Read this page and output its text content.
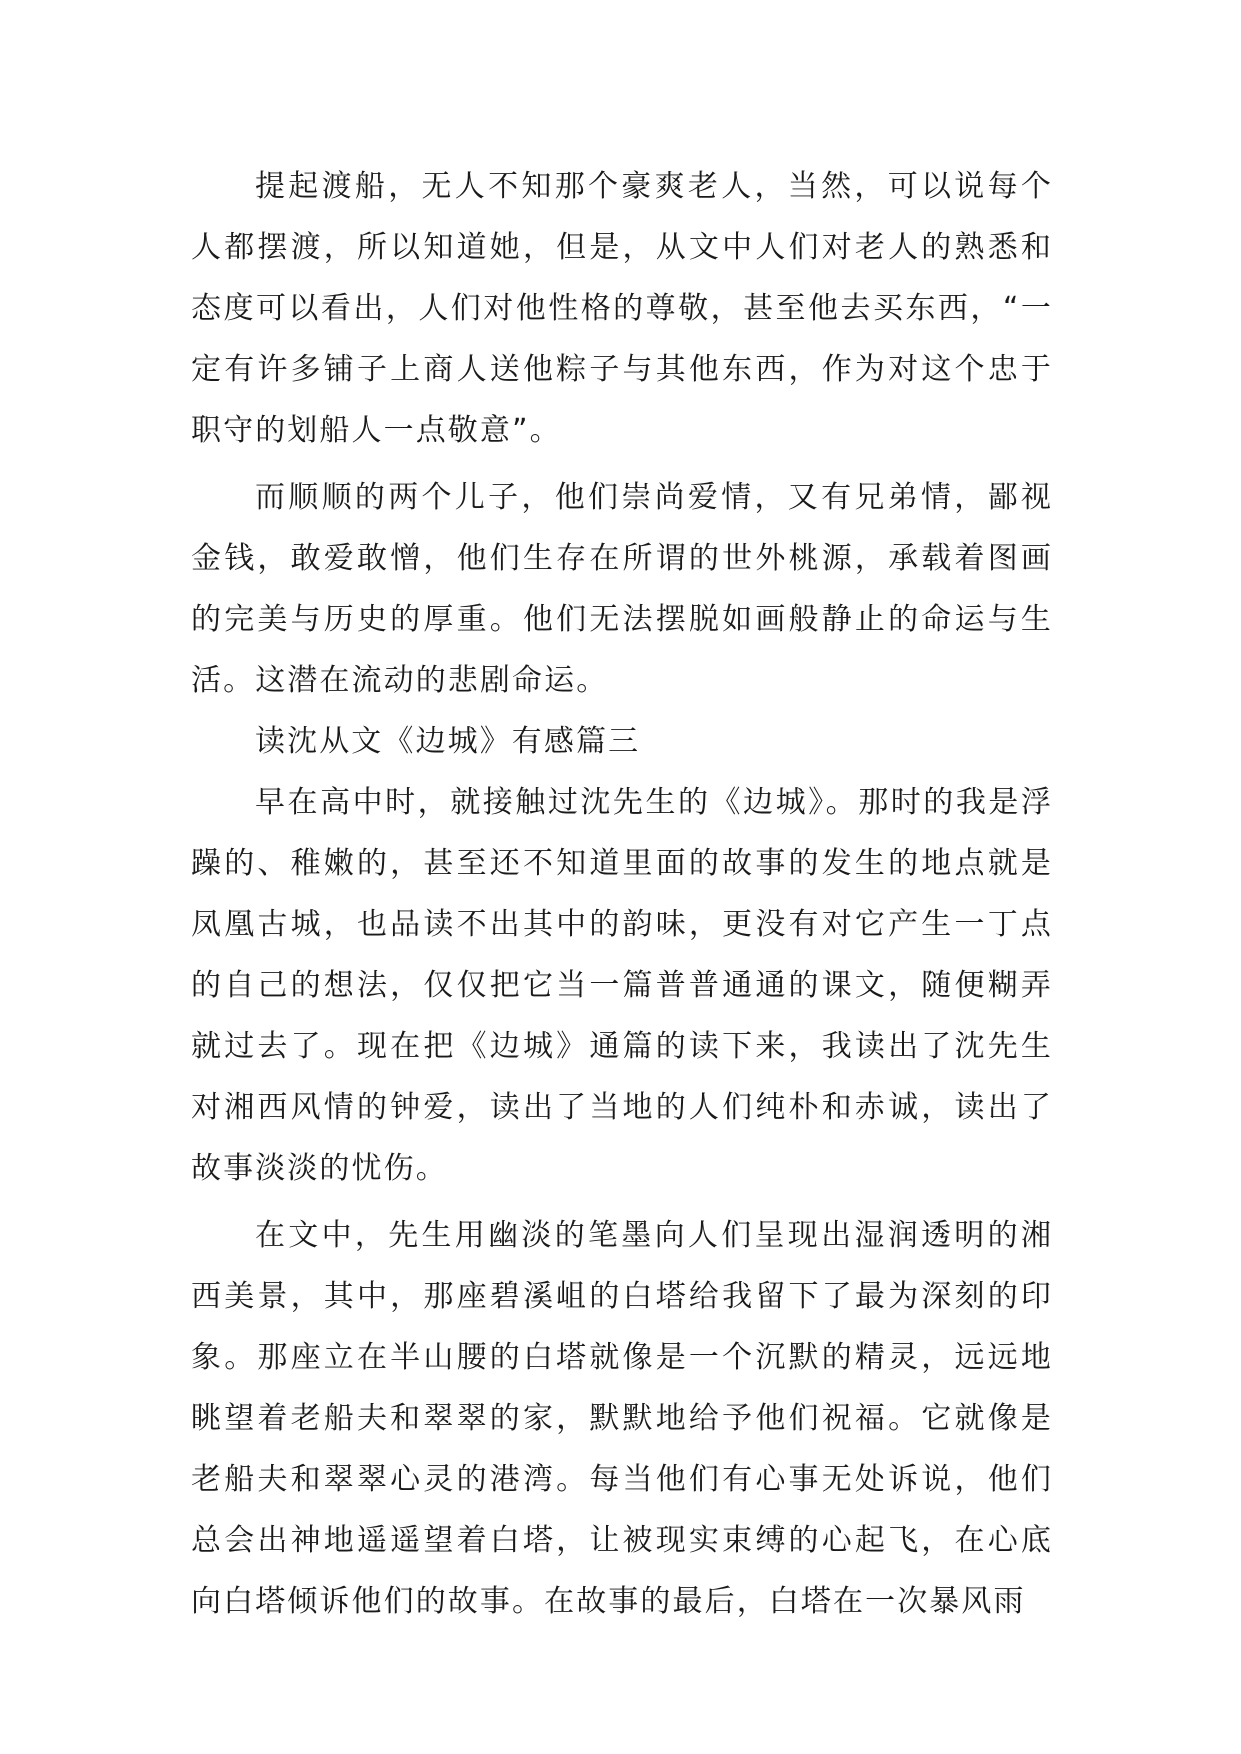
提起渡船，无人不知那个豪爽老人，当然，可以说每个人都摆渡，所以知道她，但是，从文中人们对老人的熟悉和态度可以看出，人们对他性格的尊敬，甚至他去买东西，“一定有许多铺子上商人送他粽子与其他东西，作为对这个忠于职守的划船人一点敬意”。

而顺顺的两个儿子，他们崇尚爱情，又有兄弟情，鄙视金钱，敢爱敢憎，他们生存在所谓的世外桃源，承载着图画的完美与历史的厚重。他们无法摆脱如画般静止的命运与生活。这潜在流动的悲剧命运。

读沈从文《边城》有感篇三

早在高中时，就接触过沈先生的《边城》。那时的我是浮躁的、稚嫩的，甚至还不知道里面的故事的发生的地点就是凤凰古城，也品读不出其中的韵味，更没有对它产生一丁点的自己的想法，仅仅把它当一篇普普通通的课文，随便糊弄就过去了。现在把《边城》通篇的读下来，我读出了沈先生对湘西风情的钟爱，读出了当地的人们纯朴和赤诚，读出了故事淡淡的忧伤。

在文中，先生用幽淡的笔墨向人们呈现出湿润透明的湘西美景，其中，那座碧溪岨的白塔给我留下了最为深刻的印象。那座立在半山腰的白塔就像是一个沉默的精灵，远远地眺望着老船夫和翠翠的家，默默地给予他们祝福。它就像是老船夫和翠翠心灵的港湾。每当他们有心事无处诉说，他们总会出神地遥遥望着白塔，让被现实束缚的心起飞，在心底向白塔倾诉他们的故事。在故事的最后，白塔在一次暴风雨
